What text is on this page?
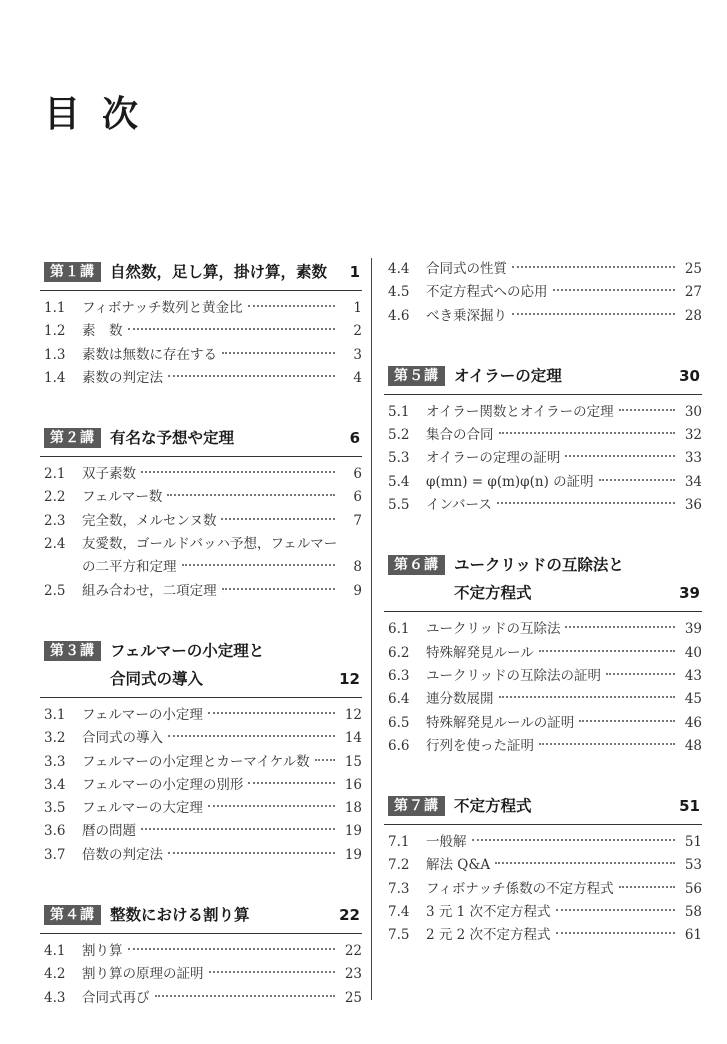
目次
第１講 自然数，足し算，掛け算，素数 1
1.1	フィボナッチ数列と黄金比	1
1.2	素　数	2
1.3	素数は無数に存在する	3
1.4	素数の判定法	4
第２講 有名な予想や定理	6
2.1	双子素数	6
2.2	フェルマー数	6
2.3	完全数，メルセンヌ数	7
2.4	友愛数，ゴールドバッハ予想，フェルマー
の二平方和定理	8
2.5	組み合わせ，二項定理	9
第３講 フェルマーの小定理と
合同式の導入	12
3.1	フェルマーの小定理	12
3.2	合同式の導入	14
3.3	フェルマーの小定理とカーマイケル数	15
3.4	フェルマーの小定理の別形	16
3.5	フェルマーの大定理	18
3.6	暦の問題	19
3.7	倍数の判定法	19
第４講 整数における割り算	22
4.1	割り算	22
4.2	割り算の原理の証明	23
4.3	合同式再び	25
4.4	合同式の性質	25
4.5	不定方程式への応用	27
4.6	べき乗深掘り	28
第５講 オイラーの定理	30
5.1	オイラー関数とオイラーの定理	30
5.2	集合の合同	32
5.3	オイラーの定理の証明	33
5.4	φ(mn) = φ(m)φ(n) の証明	34
5.5	インバース	36
第６講 ユークリッドの互除法と
不定方程式	39
6.1	ユークリッドの互除法	39
6.2	特殊解発見ルール	40
6.3	ユークリッドの互除法の証明	43
6.4	連分数展開	45
6.5	特殊解発見ルールの証明	46
6.6	行列を使った証明	48
第７講 不定方程式	51
7.1	一般解	51
7.2	解法 Q&A	53
7.3	フィボナッチ係数の不定方程式	56
7.4	3 元 1 次不定方程式	58
7.5	2 元 2 次不定方程式	61
